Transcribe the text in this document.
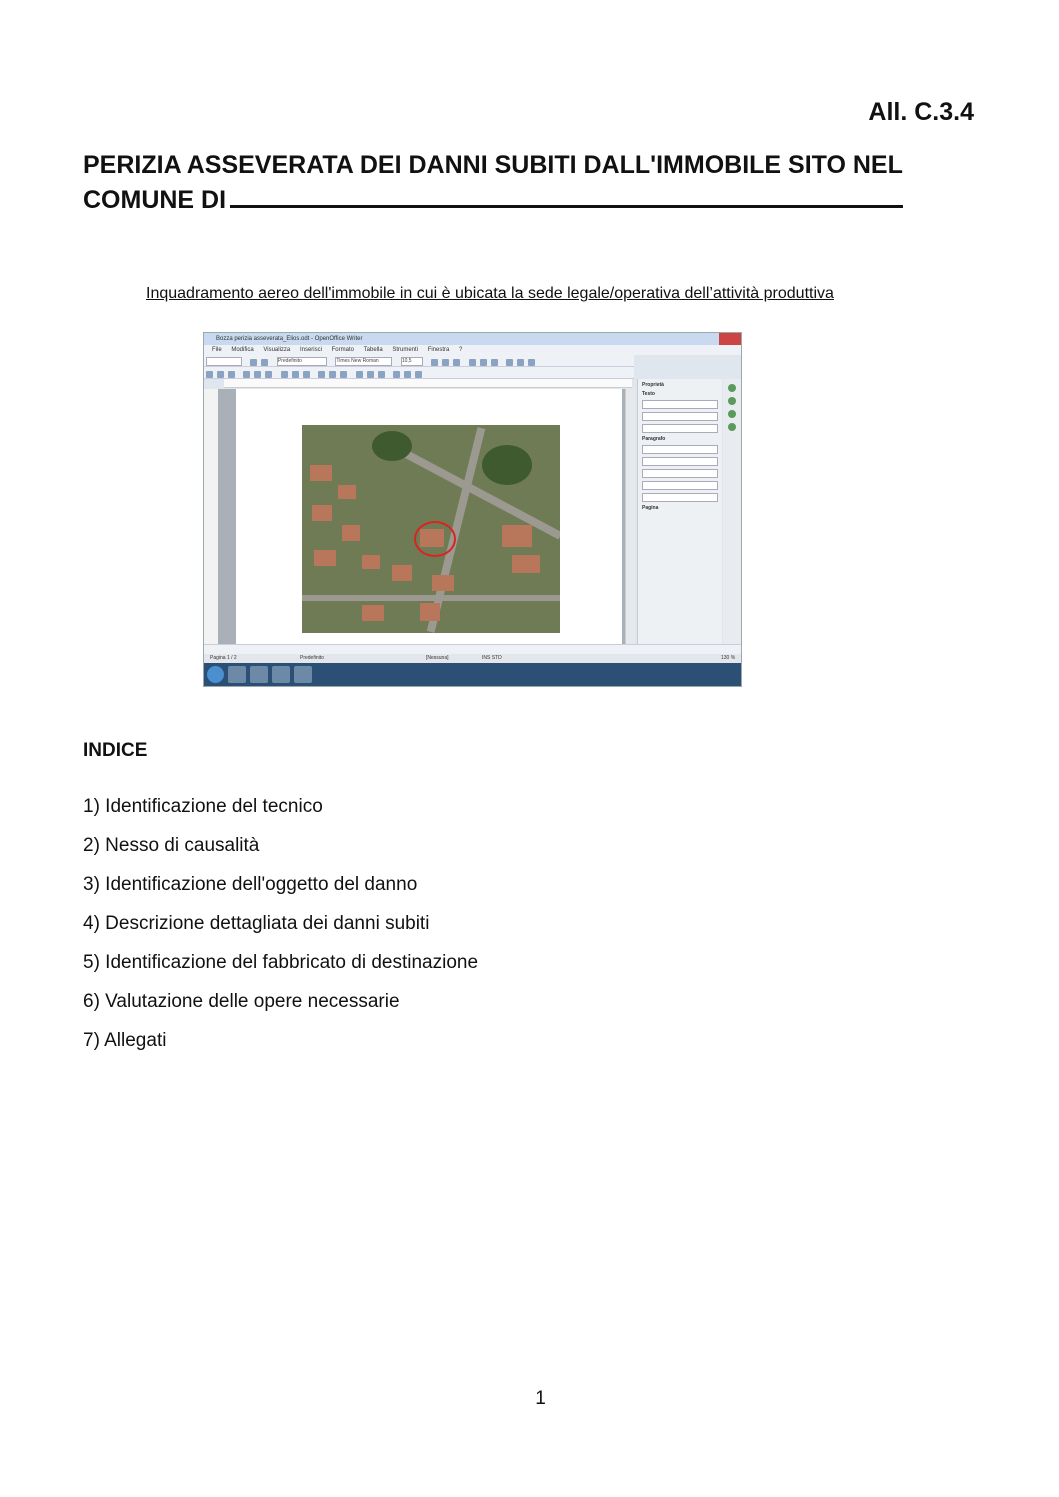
All. C.3.4
PERIZIA ASSEVERATA DEI DANNI SUBITI DALL'IMMOBILE SITO NEL
COMUNE DI
Inquadramento aereo dell'immobile in cui è ubicata la sede legale/operativa dell’attività produttiva
Bozza perizia asseverata_Elios.odt - OpenOffice Writer
File Modifica Visualizza Inserisci Formato Tabella Strumenti Finestra ?
Predefinito	Times New Roman	10,5

Proprietà
Testo
Paragrafo
Pagina
Pagina 1 / 2	Predefinito	[Nessuna]	INS STD	130 %
INDICE
1) Identificazione del tecnico
2) Nesso di causalità
3) Identificazione dell'oggetto del danno
4) Descrizione dettagliata dei danni subiti
5) Identificazione del fabbricato di destinazione
6) Valutazione delle opere necessarie
7) Allegati
1
